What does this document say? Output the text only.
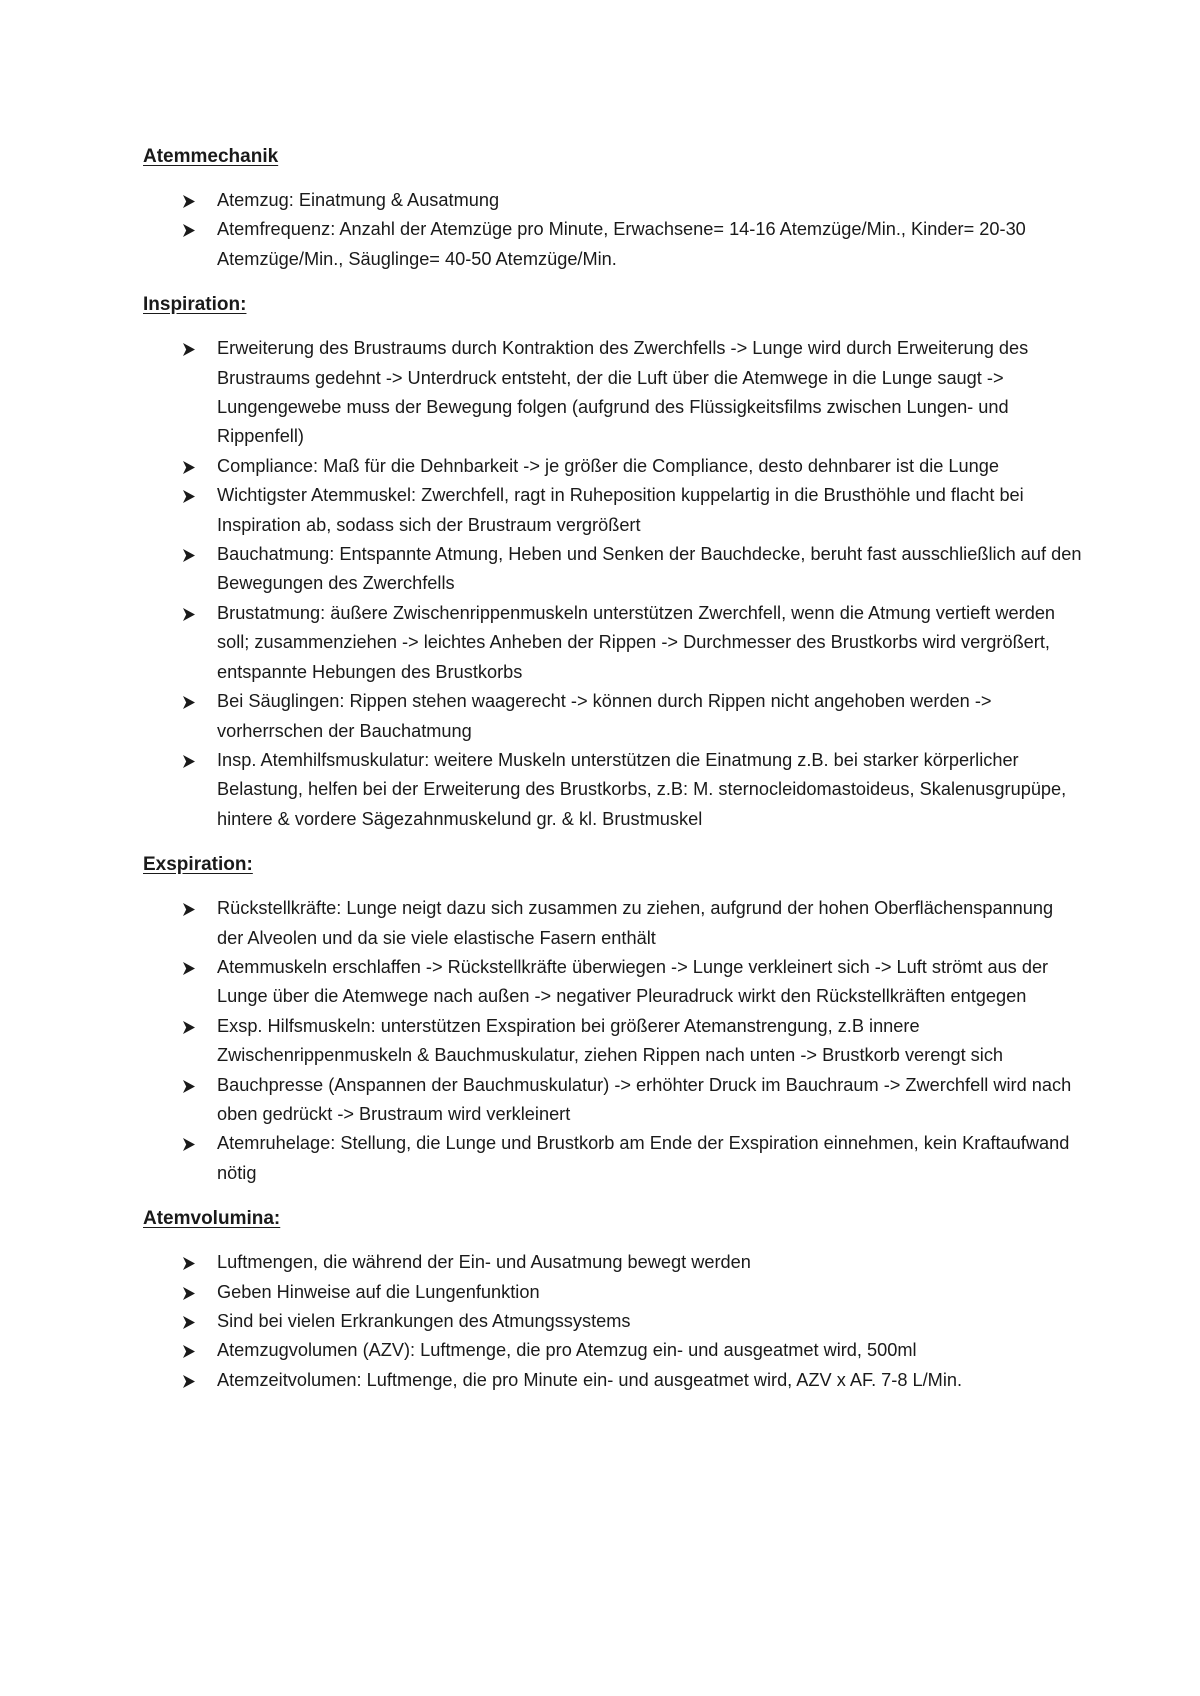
Atemmechanik
Atemzug: Einatmung & Ausatmung
Atemfrequenz: Anzahl der Atemzüge pro Minute, Erwachsene= 14-16 Atemzüge/Min., Kinder= 20-30 Atemzüge/Min., Säuglinge= 40-50 Atemzüge/Min.
Inspiration:
Erweiterung des Brustraums durch Kontraktion des Zwerchfells -> Lunge wird durch Erweiterung des Brustraums gedehnt -> Unterdruck entsteht, der die Luft über die Atemwege in die Lunge saugt -> Lungengewebe muss der Bewegung folgen (aufgrund des Flüssigkeitsfilms zwischen Lungen- und Rippenfell)
Compliance: Maß für die Dehnbarkeit -> je größer die Compliance, desto dehnbarer ist die Lunge
Wichtigster Atemmuskel: Zwerchfell, ragt in Ruheposition kuppelartig in die Brusthöhle und flacht bei Inspiration ab, sodass sich der Brustraum vergrößert
Bauchatmung: Entspannte Atmung, Heben und Senken der Bauchdecke, beruht fast ausschließlich auf den Bewegungen des Zwerchfells
Brustatmung: äußere Zwischenrippenmuskeln unterstützen Zwerchfell, wenn die Atmung vertieft werden soll; zusammenziehen -> leichtes Anheben der Rippen -> Durchmesser des Brustkorbs wird vergrößert, entspannte Hebungen des Brustkorbs
Bei Säuglingen: Rippen stehen waagerecht -> können durch Rippen nicht angehoben werden -> vorherrschen der Bauchatmung
Insp. Atemhilfsmuskulatur: weitere Muskeln unterstützen die Einatmung z.B. bei starker körperlicher Belastung, helfen bei der Erweiterung des Brustkorbs, z.B: M. sternocleidomastoideus, Skalenusgrupüpe, hintere & vordere Sägezahnmuskelund gr. & kl. Brustmuskel
Exspiration:
Rückstellkräfte: Lunge neigt dazu sich zusammen zu ziehen, aufgrund der hohen Oberflächenspannung der Alveolen und da sie viele elastische Fasern enthält
Atemmuskeln erschlaffen -> Rückstellkräfte überwiegen -> Lunge verkleinert sich -> Luft strömt aus der Lunge über die Atemwege nach außen -> negativer Pleuradruck wirkt den Rückstellkräften entgegen
Exsp. Hilfsmuskeln: unterstützen Exspiration bei größerer Atemanstrengung, z.B innere Zwischenrippenmuskeln & Bauchmuskulatur, ziehen Rippen nach unten -> Brustkorb verengt sich
Bauchpresse (Anspannen der Bauchmuskulatur) -> erhöhter Druck im Bauchraum -> Zwerchfell wird nach oben gedrückt -> Brustraum wird verkleinert
Atemruhelage: Stellung, die Lunge und Brustkorb am Ende der Exspiration einnehmen, kein Kraftaufwand nötig
Atemvolumina:
Luftmengen, die während der Ein- und Ausatmung bewegt werden
Geben Hinweise auf die Lungenfunktion
Sind bei vielen Erkrankungen des Atmungssystems
Atemzugvolumen (AZV): Luftmenge, die pro Atemzug ein- und ausgeatmet wird, 500ml
Atemzeitvolumen: Luftmenge, die pro Minute ein- und ausgeatmet wird, AZV x AF. 7-8 L/Min.
